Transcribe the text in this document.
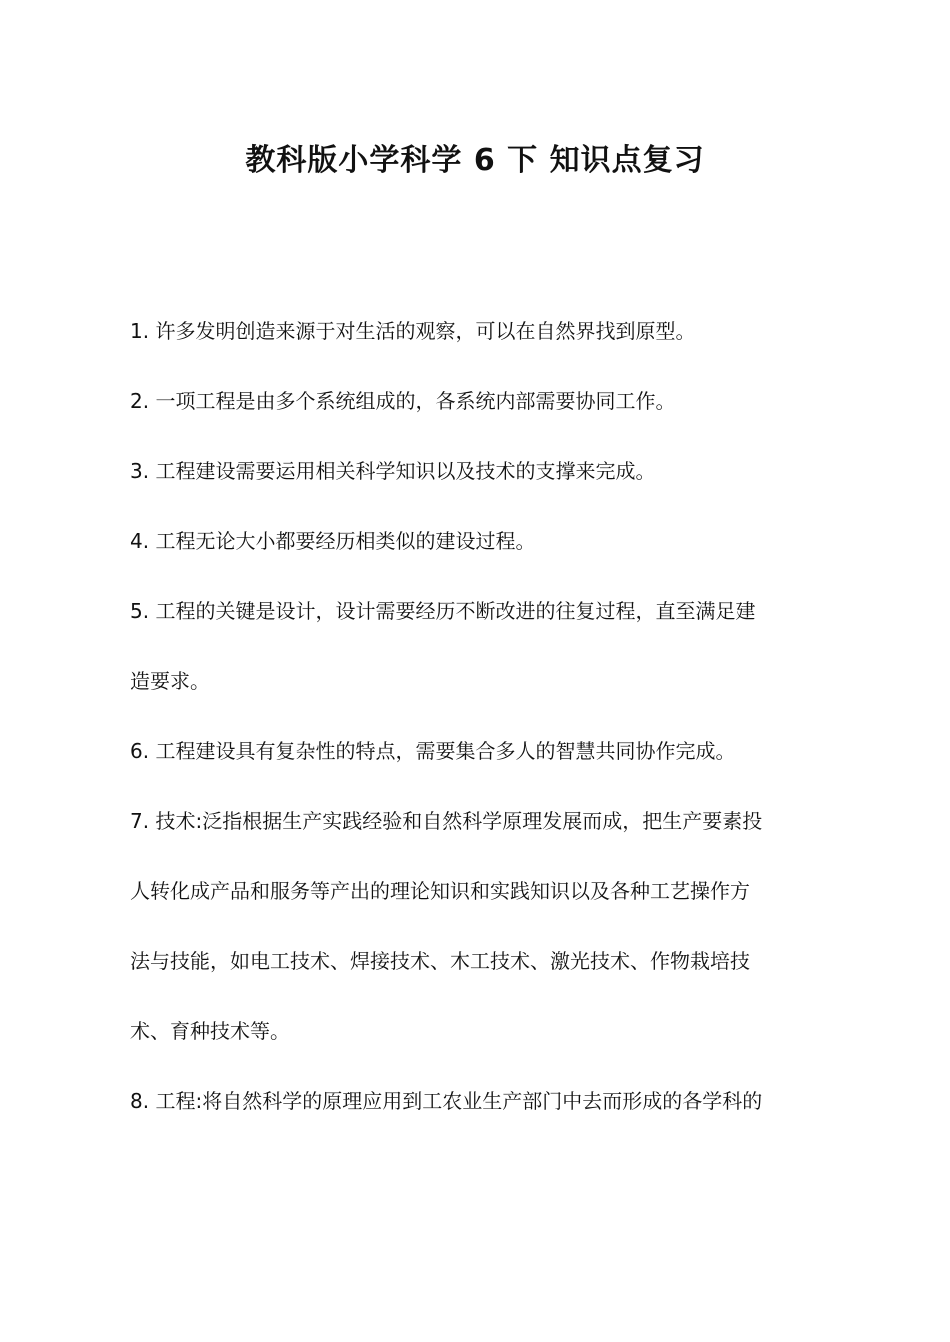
教科版小学科学 6 下 知识点复习
1. 许多发明创造来源于对生活的观察，可以在自然界找到原型。
2. 一项工程是由多个系统组成的，各系统内部需要协同工作。
3. 工程建设需要运用相关科学知识以及技术的支撑来完成。
4. 工程无论大小都要经历相类似的建设过程。
5. 工程的关键是设计，设计需要经历不断改进的往复过程，直至满足建
造要求。
6. 工程建设具有复杂性的特点，需要集合多人的智慧共同协作完成。
7. 技术:泛指根据生产实践经验和自然科学原理发展而成，把生产要素投
人转化成产品和服务等产出的理论知识和实践知识以及各种工艺操作方
法与技能，如电工技术、焊接技术、木工技术、激光技术、作物栽培技
术、育种技术等。
8. 工程:将自然科学的原理应用到工农业生产部门中去而形成的各学科的
